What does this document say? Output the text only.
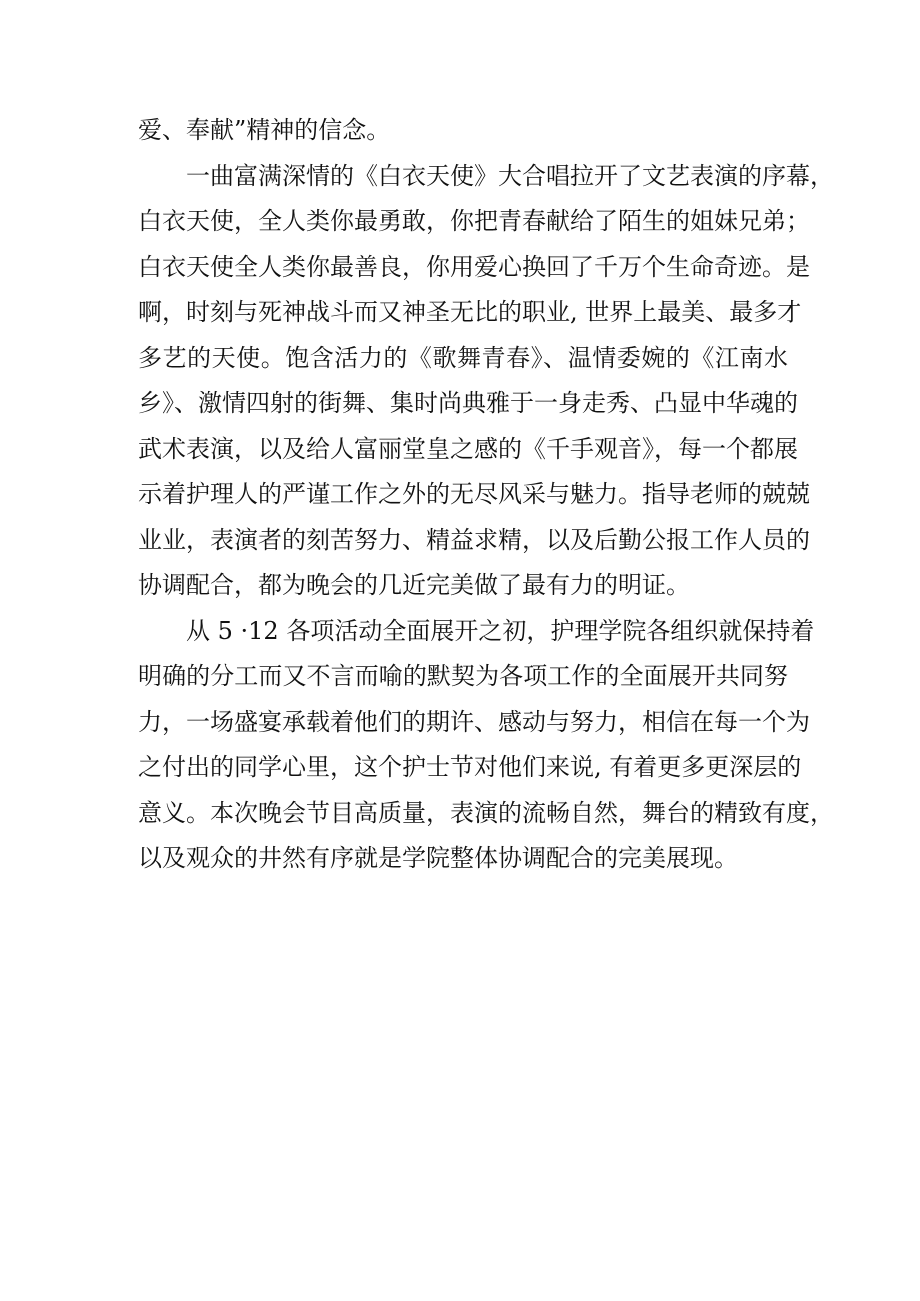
爱、奉献”精神的信念。
一曲富满深情的《白衣天使》大合唱拉开了文艺表演的序幕，
白衣天使，全人类你最勇敢，你把青春献给了陌生的姐妹兄弟；
白衣天使全人类你最善良，你用爱心换回了千万个生命奇迹。是
啊，时刻与死神战斗而又神圣无比的职业, 世界上最美、最多才
多艺的天使。饱含活力的《歌舞青春》、温情委婉的《江南水
乡》、激情四射的街舞、集时尚典雅于一身走秀、凸显中华魂的
武术表演，以及给人富丽堂皇之感的《千手观音》，每一个都展
示着护理人的严谨工作之外的无尽风采与魅力。指导老师的兢兢
业业，表演者的刻苦努力、精益求精，以及后勤公报工作人员的
协调配合，都为晚会的几近完美做了最有力的明证。
从 5 ·12 各项活动全面展开之初，护理学院各组织就保持着
明确的分工而又不言而喻的默契为各项工作的全面展开共同努
力，一场盛宴承载着他们的期许、感动与努力，相信在每一个为
之付出的同学心里，这个护士节对他们来说, 有着更多更深层的
意义。本次晚会节目高质量，表演的流畅自然，舞台的精致有度，
以及观众的井然有序就是学院整体协调配合的完美展现。
